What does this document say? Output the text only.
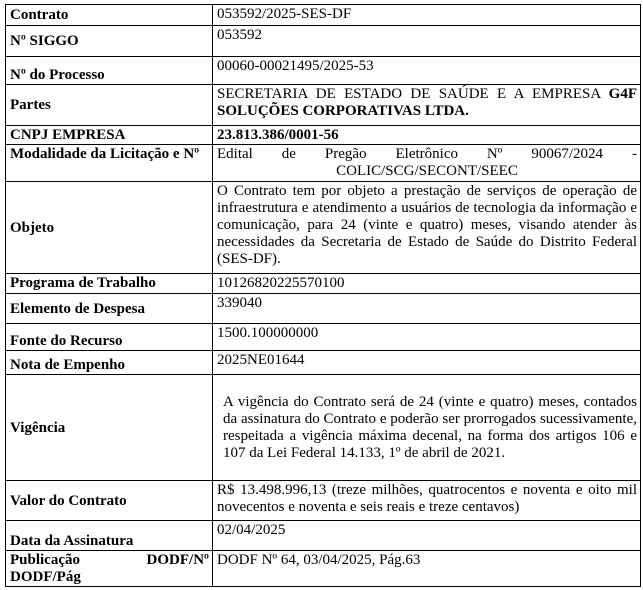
Contrato	053592/2025-SES-DF
Nº SIGGO	053592
Nº do Processo	00060-00021495/2025-53
Partes	SECRETARIA DE ESTADO DE SAÚDE E A EMPRESA G4F
SOLUÇÕES CORPORATIVAS LTDA.

CNPJ EMPRESA	23.813.386/0001-56
Modalidade da Licitação e Nº	Edital de Pregão Eletrônico Nº 90067/2024 -
COLIC/SCG/SECONT/SEEC

Objeto	O Contrato tem por objeto a prestação de serviços de operação de infraestrutura e atendimento a usuários de tecnologia da informação e comunicação, para 24 (vinte e quatro) meses, visando atender às necessidades da Secretaria de Estado de Saúde do Distrito Federal (SES-DF).
Programa de Trabalho	10126820225570100
Elemento de Despesa	339040
Fonte do Recurso	1500.100000000
Nota de Empenho	2025NE01644
Vigência	A vigência do Contrato será de 24 (vinte e quatro) meses, contados da assinatura do Contrato e poderão ser prorrogados sucessivamente, respeitada a vigência máxima decenal, na forma dos artigos 106 e 107 da Lei Federal 14.133, 1º de abril de 2021.
Valor do Contrato	R$ 13.498.996,13 (treze milhões, quatrocentos e noventa e oito mil novecentos e noventa e seis reais e treze centavos)
Data da Assinatura	02/04/2025

Publicação DODF/Nº
DODF/Pág	DODF Nº 64, 03/04/2025, Pág.63
